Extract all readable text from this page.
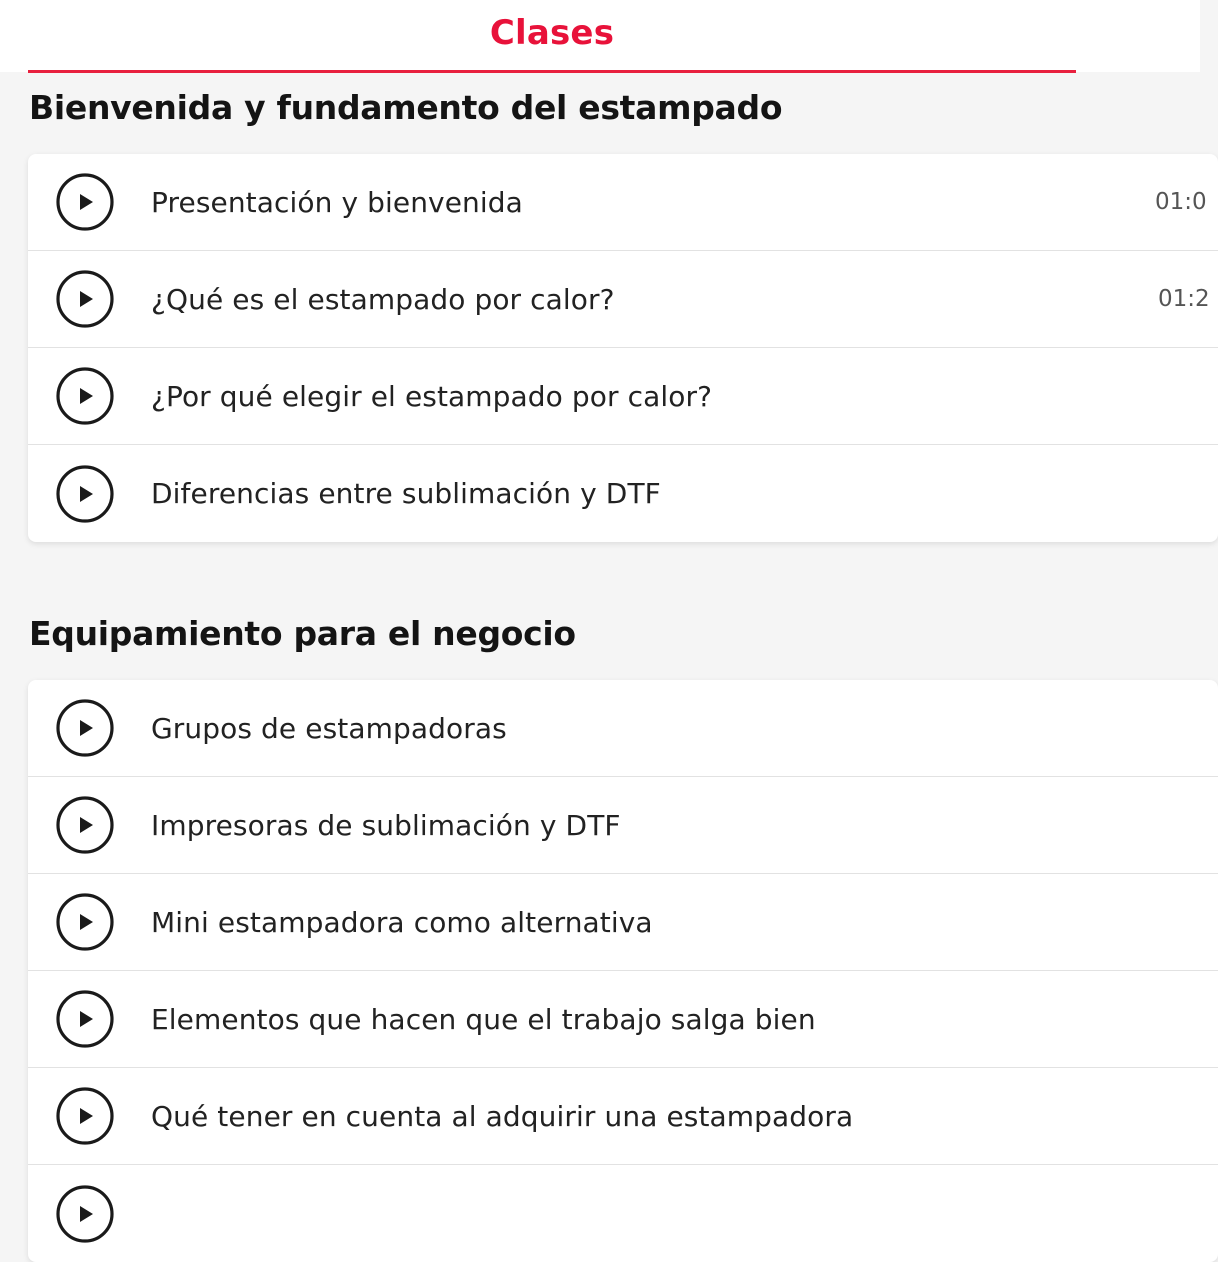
Clases
Bienvenida y fundamento del estampado
Presentación y bienvenida	01:0
¿Qué es el estampado por calor?	01:2
¿Por qué elegir el estampado por calor?
Diferencias entre sublimación y DTF
Equipamiento para el negocio
Grupos de estampadoras
Impresoras de sublimación y DTF
Mini estampadora como alternativa
Elementos que hacen que el trabajo salga bien
Qué tener en cuenta al adquirir una estampadora
